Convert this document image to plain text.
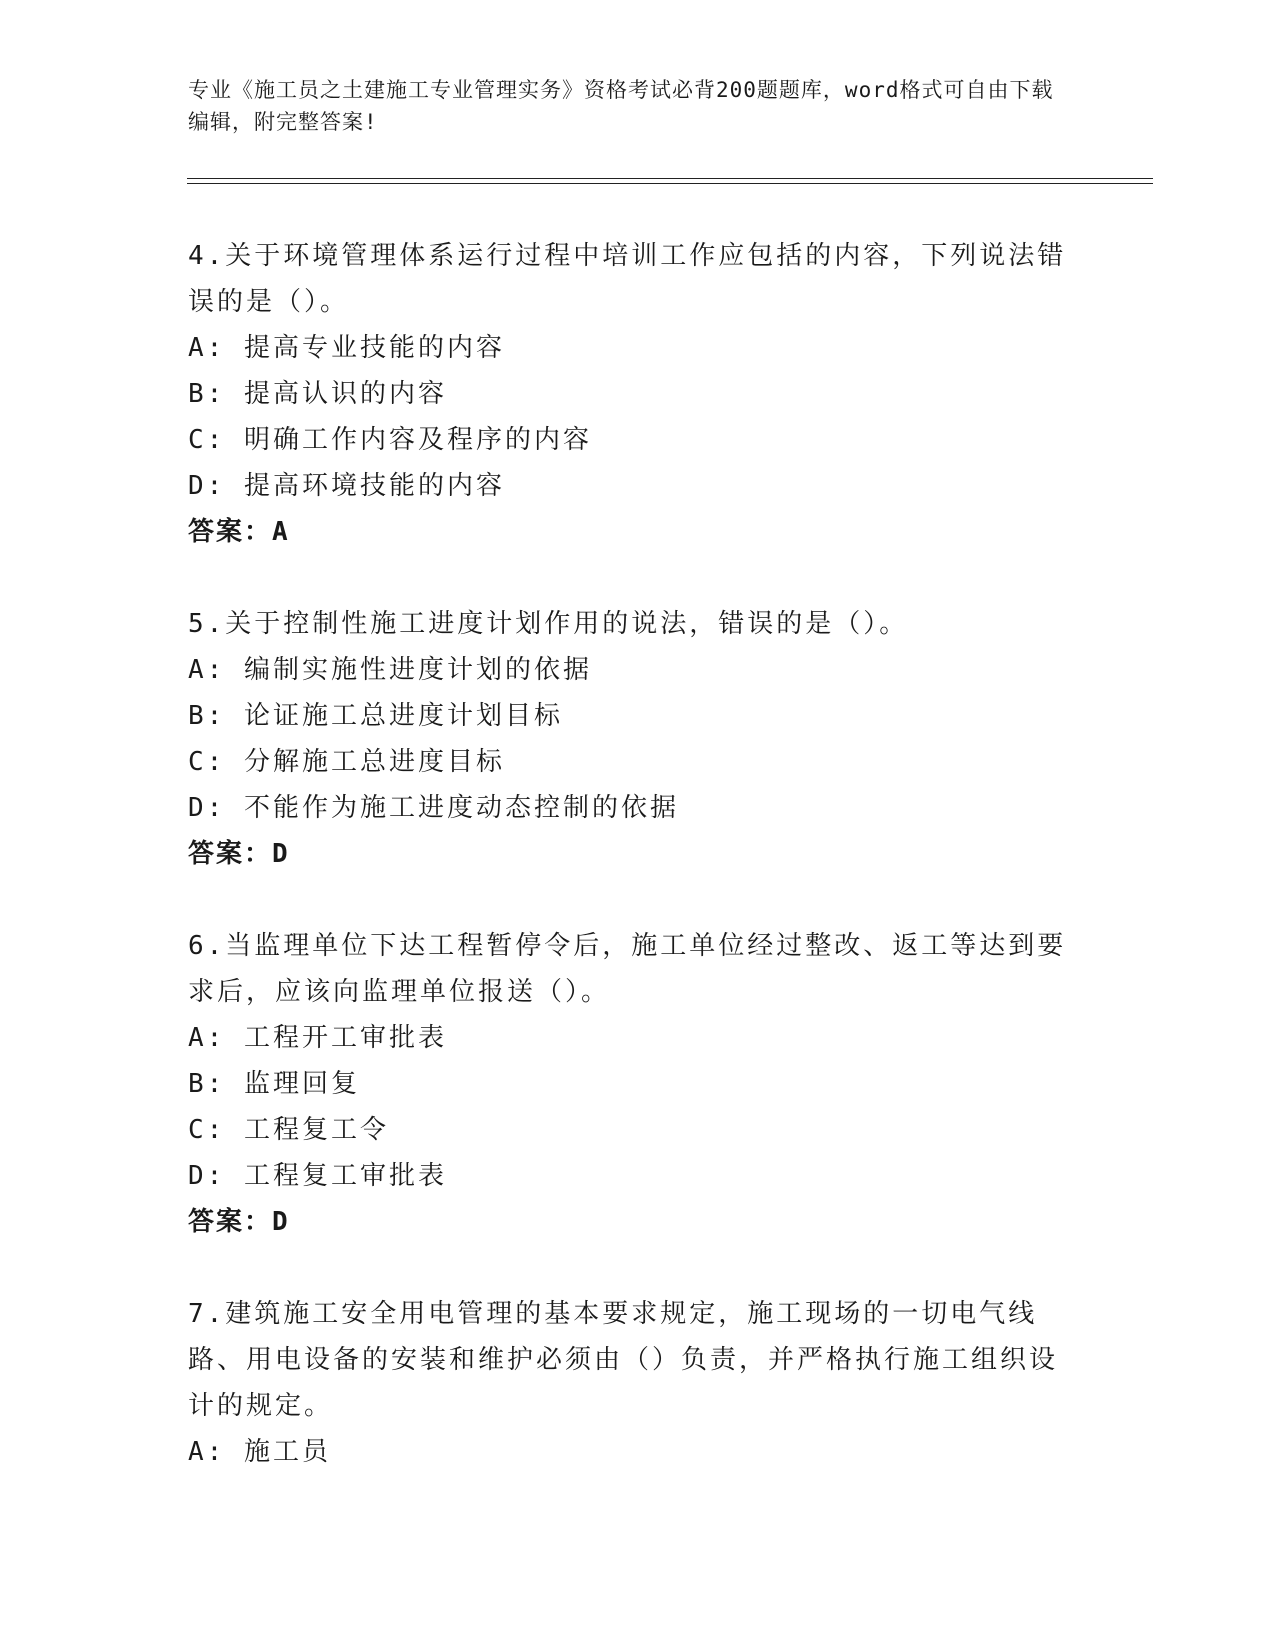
专业《施工员之土建施工专业管理实务》资格考试必背200题题库，word格式可自由下载编辑，附完整答案!
4.关于环境管理体系运行过程中培训工作应包括的内容，下列说法错误的是（）。
A: 提高专业技能的内容
B: 提高认识的内容
C: 明确工作内容及程序的内容
D: 提高环境技能的内容
答案：A
5.关于控制性施工进度计划作用的说法，错误的是（）。
A: 编制实施性进度计划的依据
B: 论证施工总进度计划目标
C: 分解施工总进度目标
D: 不能作为施工进度动态控制的依据
答案：D
6.当监理单位下达工程暂停令后，施工单位经过整改、返工等达到要求后，应该向监理单位报送（）。
A: 工程开工审批表
B: 监理回复
C: 工程复工令
D: 工程复工审批表
答案：D
7.建筑施工安全用电管理的基本要求规定，施工现场的一切电气线路、用电设备的安装和维护必须由（）负责，并严格执行施工组织设计的规定。
A: 施工员
